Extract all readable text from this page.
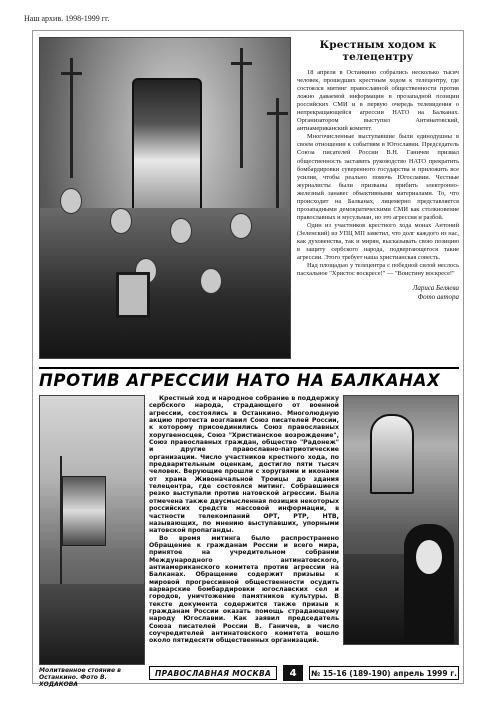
Наш архив. 1998-1999 гг.
Крестным ходом к телецентру

18 апреля в Останкино собрались несколько тысяч человек, прошедших крестным ходом к телецентру, где состоялся митинг православной общественности против ложно даваемой информации в прозападной позиции российских СМИ и в первую очередь телевидения о непрекращающейся агрессии НАТО на Балканах. Организатором выступил Антинатовский, антиамериканский комитет.

Многочисленные выступавшие были единодушны в своем отношении к событиям в Югославии. Председатель Союза писателей России В.Н. Ганичев призвал общественность заставить руководство НАТО прекратить бомбардировки суверенного государства и приложить все усилия, чтобы реально помочь Югославии. Честные журналисты были призваны прибить электронно-железный занавес объективными материалами. То, что происходит на Балканах, лицемерно представляется прозападными демократическими СМИ как столкновение православных и мусульман, но это агрессия и разбой.

Один из участников крестного хода монах Антоний (Зеленский) из УПЦ МП заметил, что долг каждого из нас, как духовенства, так и мирян, высказывать свою позицию в защиту сербского народа, подвергающегося такие агрессии. Этого требует наша христианская совесть.

Над площадью у телецентра с победной силой неслось пасхальное "Христос воскресе!" — "Воистину воскресе!"

Лариса Беляева
Фото автора
ПРОТИВ АГРЕССИИ НАТО НА БАЛКАНАХ

Крестный ход и народное собрание в поддержку сербского народа, страдающего от военной агрессии, состоялись в Останкино. Многолюдную акцию протеста возглавил Союз писателей России, к которому присоединились Союз православных хоругвеносцев, Союз "Христианское возрождение", Союз православных граждан, общество "Радонеж" и другие православно-патриотические организации. Число участников крестного хода, по предварительным оценкам, достигло пяти тысяч человек. Верующие прошли с хоругвями и иконами от храма Живоначальной Троицы до здания телецентра, где состоялся митинг. Собравшиеся резко выступали против натовской агрессии. Была отмечена также двусмысленная позиция некоторых российских средств массовой информации, в частности телекомпаний ОРТ, РТР, НТВ, называющих, по мнению выступавших, упорными натовской пропаганды.

Во время митинга было распространено Обращение к гражданам России и всего мира, принятое на учредительном собрании Международного антинатовского, антиамериканского комитета против агрессии на Балканах. Обращение содержит призывы к мировой прогрессивной общественности осудить варварские бомбардировки югославских сел и городов, уничтожение памятников культуры. В тексте документа содержится также призыв к гражданам России оказать помощь страдающему народу Югославии. Как заявил председатель Союза писателей России В. Ганичев, в число соучредителей антинатовского комитета вошло около пятидесяти общественных организаций.

Молитвенное стояние в Останкино. Фото В. ХОДАКОВА
ПРАВОСЛАВНАЯ МОСКВА	4	№ 15-16 (189-190) апрель 1999 г.
